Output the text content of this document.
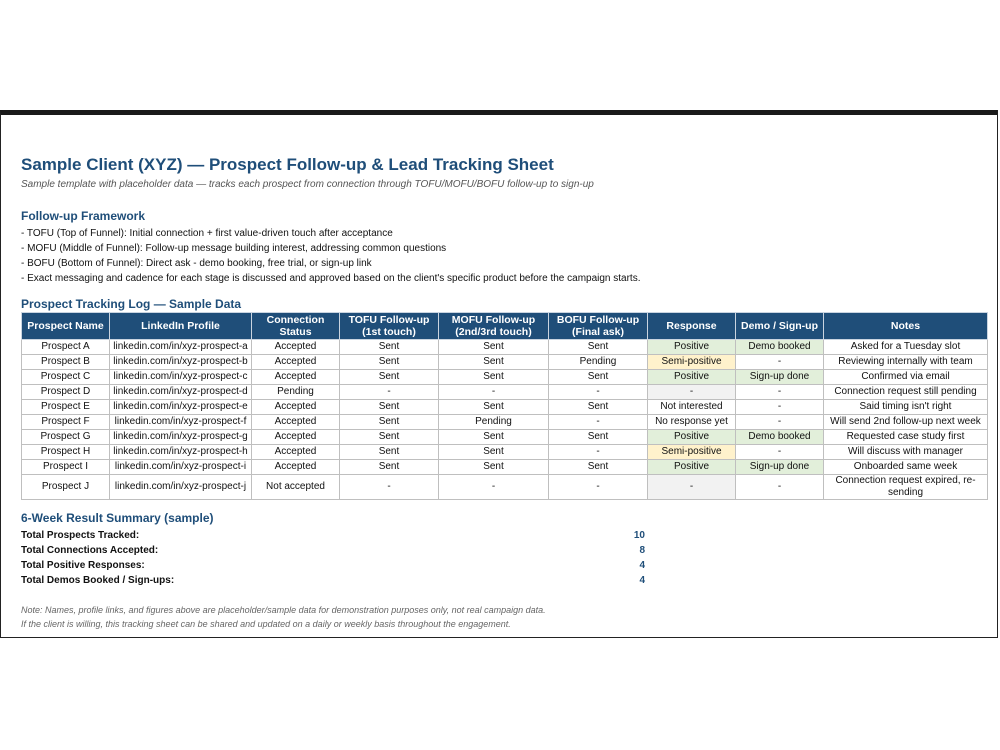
Sample Client (XYZ) — Prospect Follow-up & Lead Tracking Sheet
Sample template with placeholder data — tracks each prospect from connection through TOFU/MOFU/BOFU follow-up to sign-up
Follow-up Framework
- TOFU (Top of Funnel): Initial connection + first value-driven touch after acceptance
- MOFU (Middle of Funnel): Follow-up message building interest, addressing common questions
- BOFU (Bottom of Funnel): Direct ask - demo booking, free trial, or sign-up link
- Exact messaging and cadence for each stage is discussed and approved based on the client's specific product before the campaign starts.
Prospect Tracking Log — Sample Data
Prospect Name	LinkedIn Profile	Connection Status	TOFU Follow-up (1st touch)	MOFU Follow-up (2nd/3rd touch)	BOFU Follow-up (Final ask)	Response	Demo / Sign-up	Notes
Prospect A	linkedin.com/in/xyz-prospect-a	Accepted	Sent	Sent	Sent	Positive	Demo booked	Asked for a Tuesday slot
Prospect B	linkedin.com/in/xyz-prospect-b	Accepted	Sent	Sent	Pending	Semi-positive	-	Reviewing internally with team
Prospect C	linkedin.com/in/xyz-prospect-c	Accepted	Sent	Sent	Sent	Positive	Sign-up done	Confirmed via email
Prospect D	linkedin.com/in/xyz-prospect-d	Pending	-	-	-	-	-	Connection request still pending
Prospect E	linkedin.com/in/xyz-prospect-e	Accepted	Sent	Sent	Sent	Not interested	-	Said timing isn't right
Prospect F	linkedin.com/in/xyz-prospect-f	Accepted	Sent	Pending	-	No response yet	-	Will send 2nd follow-up next week
Prospect G	linkedin.com/in/xyz-prospect-g	Accepted	Sent	Sent	Sent	Positive	Demo booked	Requested case study first
Prospect H	linkedin.com/in/xyz-prospect-h	Accepted	Sent	Sent	-	Semi-positive	-	Will discuss with manager
Prospect I	linkedin.com/in/xyz-prospect-i	Accepted	Sent	Sent	Sent	Positive	Sign-up done	Onboarded same week
Prospect J	linkedin.com/in/xyz-prospect-j	Not accepted	-	-	-	-	-	Connection request expired, re-sending
6-Week Result Summary (sample)
Total Prospects Tracked:	10
Total Connections Accepted:	8
Total Positive Responses:	4
Total Demos Booked / Sign-ups:	4
Note: Names, profile links, and figures above are placeholder/sample data for demonstration purposes only, not real campaign data.
If the client is willing, this tracking sheet can be shared and updated on a daily or weekly basis throughout the engagement.
